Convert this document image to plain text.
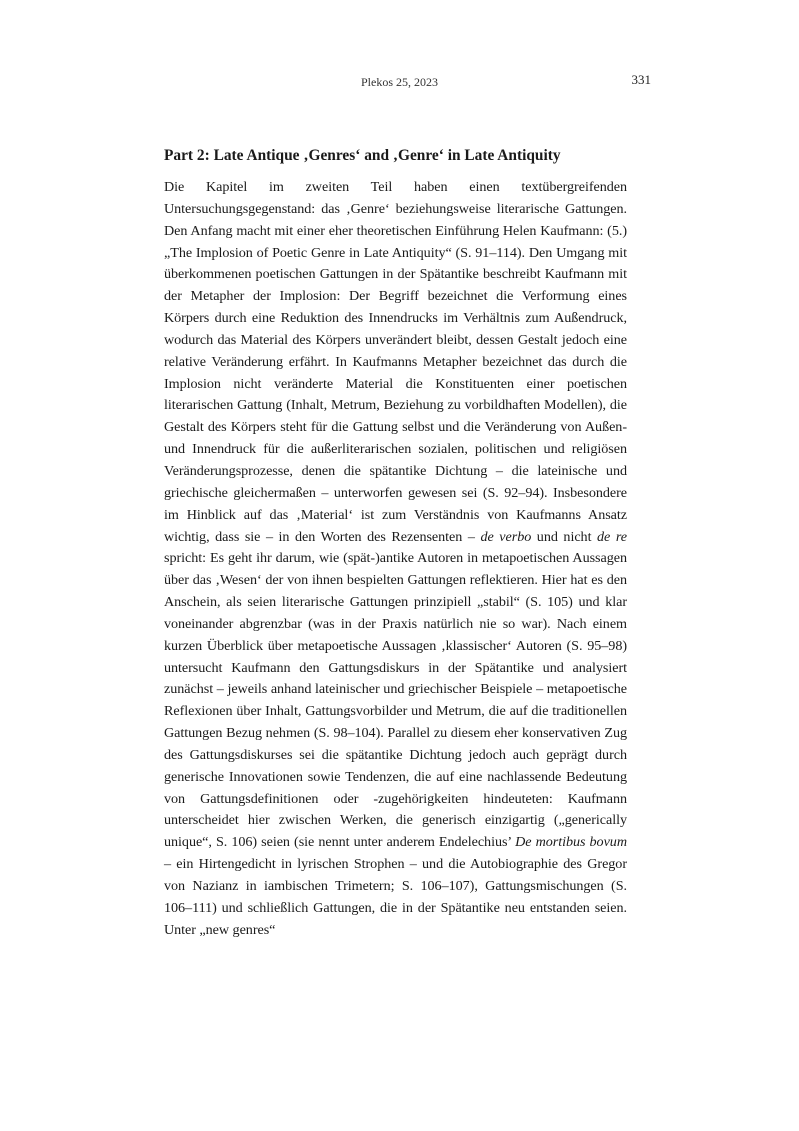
Plekos 25, 2023	331
Part 2: Late Antique ‚Genres‘ and ‚Genre‘ in Late Antiquity

Die Kapitel im zweiten Teil haben einen textübergreifenden Untersuchungsgegenstand: das ‚Genre‘ beziehungsweise literarische Gattungen. Den Anfang macht mit einer eher theoretischen Einführung Helen Kaufmann: (5.) „The Implosion of Poetic Genre in Late Antiquity“ (S. 91–114). Den Umgang mit überkommenen poetischen Gattungen in der Spätantike beschreibt Kaufmann mit der Metapher der Implosion: Der Begriff bezeichnet die Verformung eines Körpers durch eine Reduktion des Innendrucks im Verhältnis zum Außendruck, wodurch das Material des Körpers unverändert bleibt, dessen Gestalt jedoch eine relative Veränderung erfährt. In Kaufmanns Metapher bezeichnet das durch die Implosion nicht veränderte Material die Konstituenten einer poetischen literarischen Gattung (Inhalt, Metrum, Beziehung zu vorbildhaften Modellen), die Gestalt des Körpers steht für die Gattung selbst und die Veränderung von Außen- und Innendruck für die außerliterarischen sozialen, politischen und religiösen Veränderungsprozesse, denen die spätantike Dichtung – die lateinische und griechische gleichermaßen – unterworfen gewesen sei (S. 92–94). Insbesondere im Hinblick auf das ‚Material‘ ist zum Verständnis von Kaufmanns Ansatz wichtig, dass sie – in den Worten des Rezensenten – de verbo und nicht de re spricht: Es geht ihr darum, wie (spät-)antike Autoren in metapoetischen Aussagen über das ‚Wesen‘ der von ihnen bespielten Gattungen reflektieren. Hier hat es den Anschein, als seien literarische Gattungen prinzipiell „stabil“ (S. 105) und klar voneinander abgrenzbar (was in der Praxis natürlich nie so war). Nach einem kurzen Überblick über metapoetische Aussagen ‚klassischer‘ Autoren (S. 95–98) untersucht Kaufmann den Gattungsdiskurs in der Spätantike und analysiert zunächst – jeweils anhand lateinischer und griechischer Beispiele – metapoetische Reflexionen über Inhalt, Gattungsvorbilder und Metrum, die auf die traditionellen Gattungen Bezug nehmen (S. 98–104). Parallel zu diesem eher konservativen Zug des Gattungsdiskurses sei die spätantike Dichtung jedoch auch geprägt durch generische Innovationen sowie Tendenzen, die auf eine nachlassende Bedeutung von Gattungsdefinitionen oder -zugehörigkeiten hindeuteten: Kaufmann unterscheidet hier zwischen Werken, die generisch einzigartig („generically unique“, S. 106) seien (sie nennt unter anderem Endelechius’ De mortibus bovum – ein Hirtengedicht in lyrischen Strophen – und die Autobiographie des Gregor von Nazianz in iambischen Trimetern; S. 106–107), Gattungsmischungen (S. 106–111) und schließlich Gattungen, die in der Spätantike neu entstanden seien. Unter „new genres“
